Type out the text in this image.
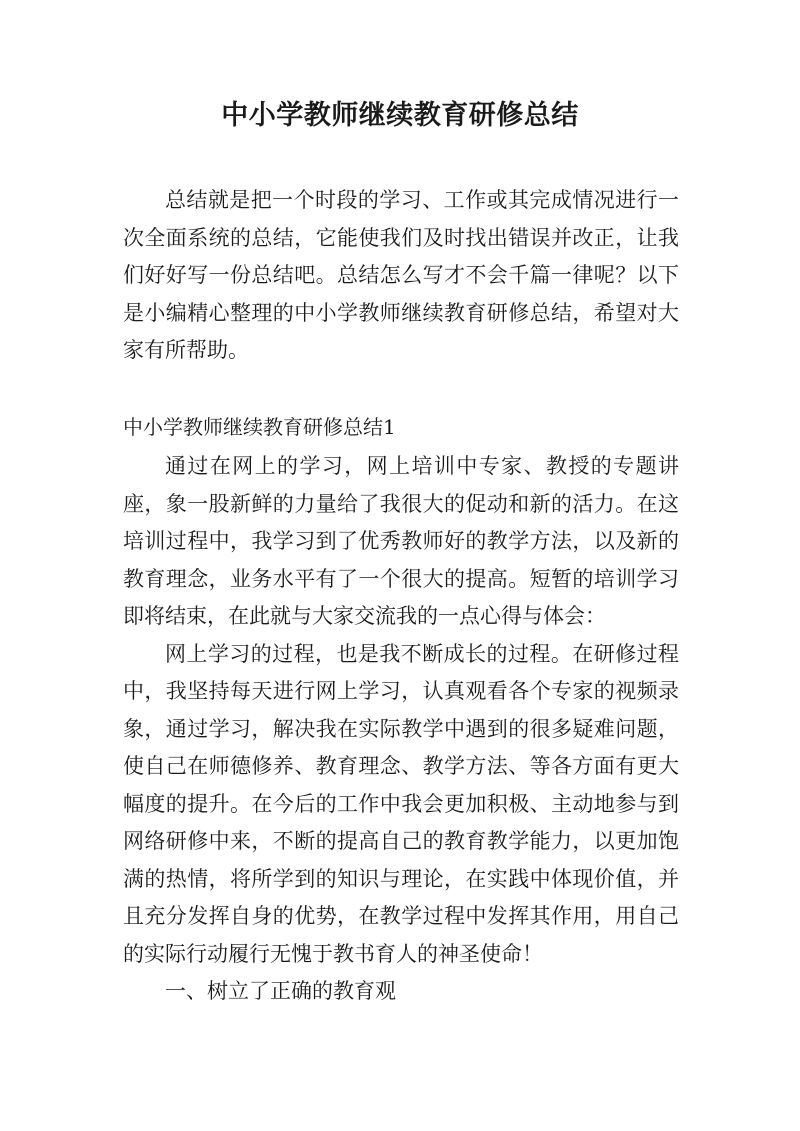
中小学教师继续教育研修总结

总结就是把一个时段的学习、工作或其完成情况进行一次全面系统的总结，它能使我们及时找出错误并改正，让我们好好写一份总结吧。总结怎么写才不会千篇一律呢？以下是小编精心整理的中小学教师继续教育研修总结，希望对大家有所帮助。

中小学教师继续教育研修总结1

通过在网上的学习，网上培训中专家、教授的专题讲座，象一股新鲜的力量给了我很大的促动和新的活力。在这培训过程中，我学习到了优秀教师好的教学方法，以及新的教育理念，业务水平有了一个很大的提高。短暂的培训学习即将结束，在此就与大家交流我的一点心得与体会：

网上学习的过程，也是我不断成长的过程。在研修过程中，我坚持每天进行网上学习，认真观看各个专家的视频录象，通过学习，解决我在实际教学中遇到的很多疑难问题，使自己在师德修养、教育理念、教学方法、等各方面有更大幅度的提升。在今后的工作中我会更加积极、主动地参与到网络研修中来，不断的提高自己的教育教学能力，以更加饱满的热情，将所学到的知识与理论，在实践中体现价值，并且充分发挥自身的优势，在教学过程中发挥其作用，用自己的实际行动履行无愧于教书育人的神圣使命！

一、树立了正确的教育观
